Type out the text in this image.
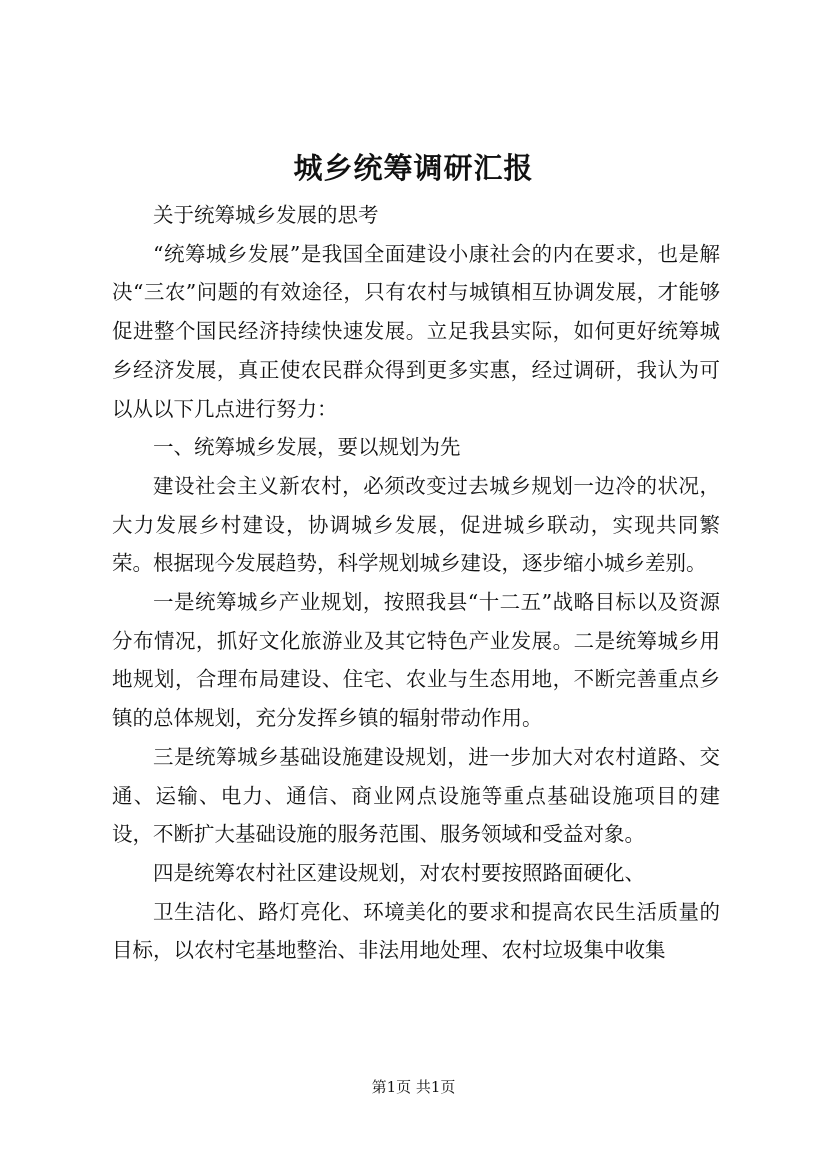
城乡统筹调研汇报

关于统筹城乡发展的思考

“统筹城乡发展”是我国全面建设小康社会的内在要求，也是解决“三农”问题的有效途径，只有农村与城镇相互协调发展，才能够促进整个国民经济持续快速发展。立足我县实际，如何更好统筹城乡经济发展，真正使农民群众得到更多实惠，经过调研，我认为可以从以下几点进行努力：

一、统筹城乡发展，要以规划为先

建设社会主义新农村，必须改变过去城乡规划一边冷的状况，大力发展乡村建设，协调城乡发展，促进城乡联动，实现共同繁荣。根据现今发展趋势，科学规划城乡建设，逐步缩小城乡差别。

一是统筹城乡产业规划，按照我县“十二五”战略目标以及资源分布情况，抓好文化旅游业及其它特色产业发展。二是统筹城乡用地规划，合理布局建设、住宅、农业与生态用地，不断完善重点乡镇的总体规划，充分发挥乡镇的辐射带动作用。

三是统筹城乡基础设施建设规划，进一步加大对农村道路、交通、运输、电力、通信、商业网点设施等重点基础设施项目的建设，不断扩大基础设施的服务范围、服务领域和受益对象。

四是统筹农村社区建设规划，对农村要按照路面硬化、

卫生洁化、路灯亮化、环境美化的要求和提高农民生活质量的目标，以农村宅基地整治、非法用地处理、农村垃圾集中收集

第1页 共1页
